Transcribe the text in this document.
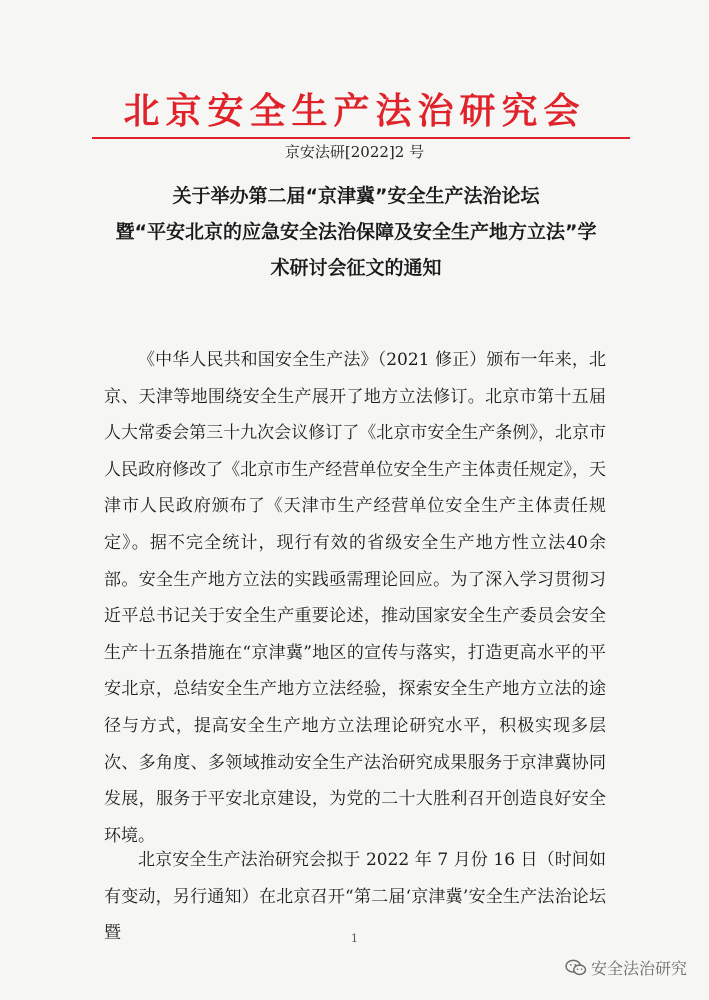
北京安全生产法治研究会
京安法研[2022]2 号
关于举办第二届“京津冀”安全生产法治论坛
暨“平安北京的应急安全法治保障及安全生产地方立法”学
术研讨会征文的通知

《中华人民共和国安全生产法》（2021 修正）颁布一年来，北京、天津等地围绕安全生产展开了地方立法修订。北京市第十五届人大常委会第三十九次会议修订了《北京市安全生产条例》，北京市人民政府修改了《北京市生产经营单位安全生产主体责任规定》，天津市人民政府颁布了《天津市生产经营单位安全生产主体责任规定》。据不完全统计，现行有效的省级安全生产地方性立法40余部。安全生产地方立法的实践亟需理论回应。为了深入学习贯彻习近平总书记关于安全生产重要论述，推动国家安全生产委员会安全生产十五条措施在“京津冀”地区的宣传与落实，打造更高水平的平安北京，总结安全生产地方立法经验，探索安全生产地方立法的途径与方式，提高安全生产地方立法理论研究水平，积极实现多层次、多角度、多领域推动安全生产法治研究成果服务于京津冀协同发展，服务于平安北京建设，为党的二十大胜利召开创造良好安全环境。

北京安全生产法治研究会拟于 2022 年 7 月份 16 日（时间如有变动，另行通知）在北京召开“第二届‘京津冀’安全生产法治论坛暨	1
安全法治研究
